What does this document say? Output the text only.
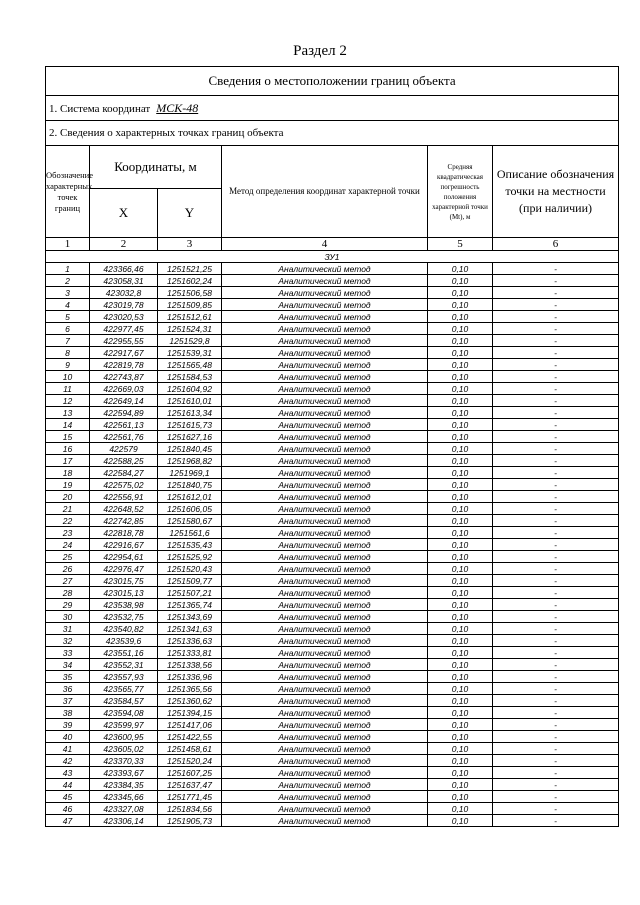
Раздел 2
Сведения о местоположении границ объекта					
1. Система координат МСК-48					
2. Сведения о характерных точках границ объекта					
Обозначение характерных точек границ	Координаты, м		Метод определения координат характерной точки	Средняя квадратическая погрешность положения характерной точки (Mt), м	Описание обозначения точки на местности (при наличии)
	X	Y			
1	2	3	4	5	6
ЗУ1					
1	423366,46	1251521,25	Аналитический метод	0,10	-
2	423058,31	1251602,24	Аналитический метод	0,10	-
3	423032,8	1251506,58	Аналитический метод	0,10	-
4	423019,78	1251509,85	Аналитический метод	0,10	-
5	423020,53	1251512,61	Аналитический метод	0,10	-
6	422977,45	1251524,31	Аналитический метод	0,10	-
7	422955,55	1251529,8	Аналитический метод	0,10	-
8	422917,67	1251539,31	Аналитический метод	0,10	-
9	422819,78	1251565,48	Аналитический метод	0,10	-
10	422743,87	1251584,53	Аналитический метод	0,10	-
11	422669,03	1251604,92	Аналитический метод	0,10	-
12	422649,14	1251610,01	Аналитический метод	0,10	-
13	422594,89	1251613,34	Аналитический метод	0,10	-
14	422561,13	1251615,73	Аналитический метод	0,10	-
15	422561,76	1251627,16	Аналитический метод	0,10	-
16	422579	1251840,45	Аналитический метод	0,10	-
17	422588,25	1251968,82	Аналитический метод	0,10	-
18	422584,27	1251969,1	Аналитический метод	0,10	-
19	422575,02	1251840,75	Аналитический метод	0,10	-
20	422556,91	1251612,01	Аналитический метод	0,10	-
21	422648,52	1251606,05	Аналитический метод	0,10	-
22	422742,85	1251580,67	Аналитический метод	0,10	-
23	422818,78	1251561,6	Аналитический метод	0,10	-
24	422916,67	1251535,43	Аналитический метод	0,10	-
25	422954,61	1251525,92	Аналитический метод	0,10	-
26	422976,47	1251520,43	Аналитический метод	0,10	-
27	423015,75	1251509,77	Аналитический метод	0,10	-
28	423015,13	1251507,21	Аналитический метод	0,10	-
29	423538,98	1251365,74	Аналитический метод	0,10	-
30	423532,75	1251343,69	Аналитический метод	0,10	-
31	423540,82	1251341,63	Аналитический метод	0,10	-
32	423539,6	1251336,63	Аналитический метод	0,10	-
33	423551,16	1251333,81	Аналитический метод	0,10	-
34	423552,31	1251338,56	Аналитический метод	0,10	-
35	423557,93	1251336,96	Аналитический метод	0,10	-
36	423565,77	1251365,56	Аналитический метод	0,10	-
37	423584,57	1251360,62	Аналитический метод	0,10	-
38	423594,08	1251394,15	Аналитический метод	0,10	-
39	423599,97	1251417,06	Аналитический метод	0,10	-
40	423600,95	1251422,55	Аналитический метод	0,10	-
41	423605,02	1251458,61	Аналитический метод	0,10	-
42	423370,33	1251520,24	Аналитический метод	0,10	-
43	423393,67	1251607,25	Аналитический метод	0,10	-
44	423384,35	1251637,47	Аналитический метод	0,10	-
45	423345,66	1251771,45	Аналитический метод	0,10	-
46	423327,08	1251834,56	Аналитический метод	0,10	-
47	423306,14	1251905,73	Аналитический метод	0,10	-
